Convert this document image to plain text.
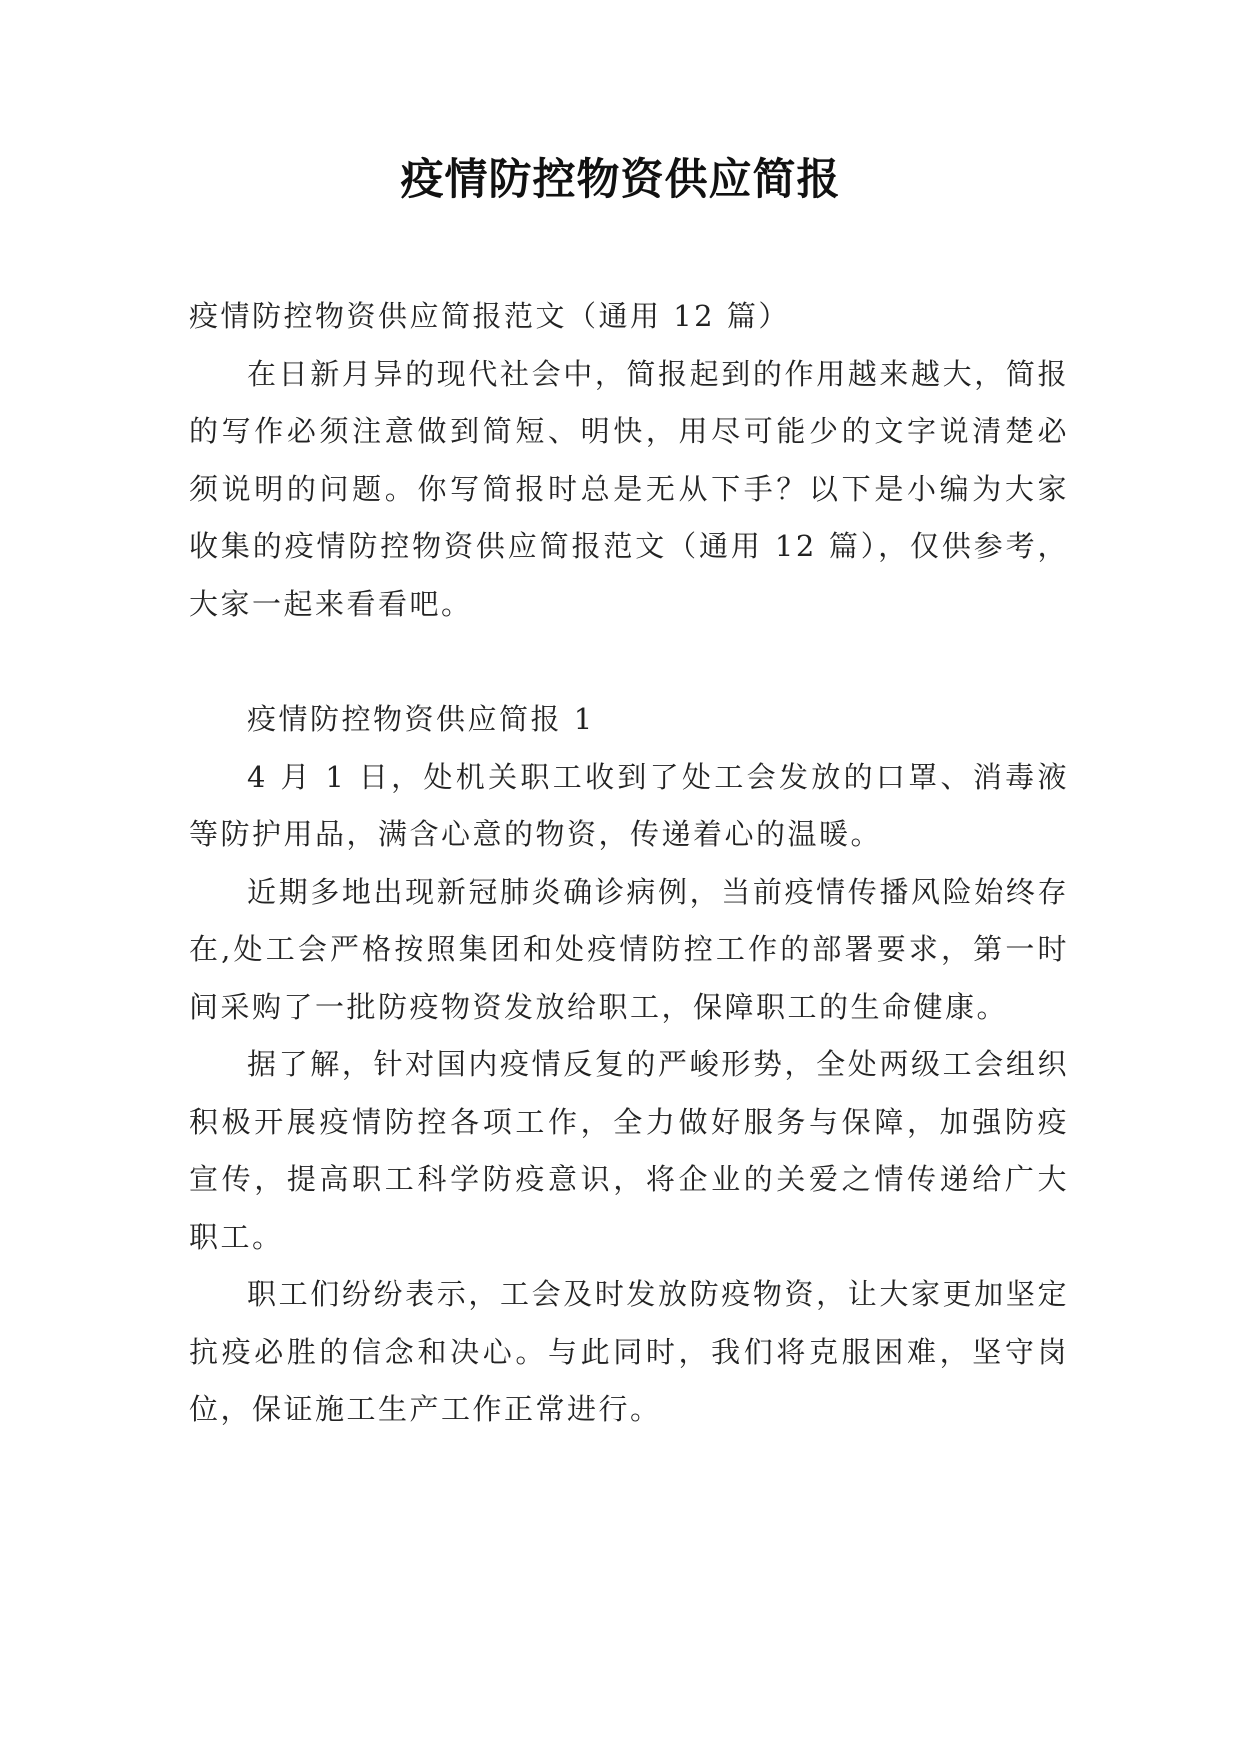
疫情防控物资供应简报

疫情防控物资供应简报范文（通用 12 篇）

在日新月异的现代社会中，简报起到的作用越来越大，简报的写作必须注意做到简短、明快，用尽可能少的文字说清楚必须说明的问题。你写简报时总是无从下手？以下是小编为大家收集的疫情防控物资供应简报范文（通用 12 篇），仅供参考，大家一起来看看吧。

疫情防控物资供应简报 1

4 月 1 日，处机关职工收到了处工会发放的口罩、消毒液等防护用品，满含心意的物资，传递着心的温暖。

近期多地出现新冠肺炎确诊病例，当前疫情传播风险始终存在,处工会严格按照集团和处疫情防控工作的部署要求，第一时间采购了一批防疫物资发放给职工，保障职工的生命健康。

据了解，针对国内疫情反复的严峻形势，全处两级工会组织积极开展疫情防控各项工作，全力做好服务与保障，加强防疫宣传，提高职工科学防疫意识，将企业的关爱之情传递给广大职工。

职工们纷纷表示，工会及时发放防疫物资，让大家更加坚定抗疫必胜的信念和决心。与此同时，我们将克服困难，坚守岗位，保证施工生产工作正常进行。
